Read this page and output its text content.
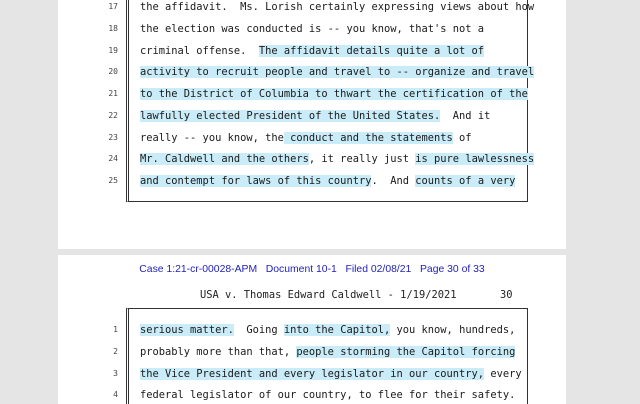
17 the affidavit.  Ms. Lorish certainly expressing views about how
18 the election was conducted is -- you know, that's not a
19 criminal offense.  The affidavit details quite a lot of
20 activity to recruit people and travel to -- organize and travel
21 to the District of Columbia to thwart the certification of the
22 lawfully elected President of the United States.  And it
23 really -- you know, the conduct and the statements of
24 Mr. Caldwell and the others, it really just is pure lawlessness
25 and contempt for laws of this country.  And counts of a very
Case 1:21-cr-00028-APM   Document 10-1   Filed 02/08/21   Page 30 of 33
USA v. Thomas Edward Caldwell - 1/19/2021	30
1 serious matter.  Going into the Capitol, you know, hundreds,
2 probably more than that, people storming the Capitol forcing
3 the Vice President and every legislator in our country, every
4 federal legislator of our country, to flee for their safety.
